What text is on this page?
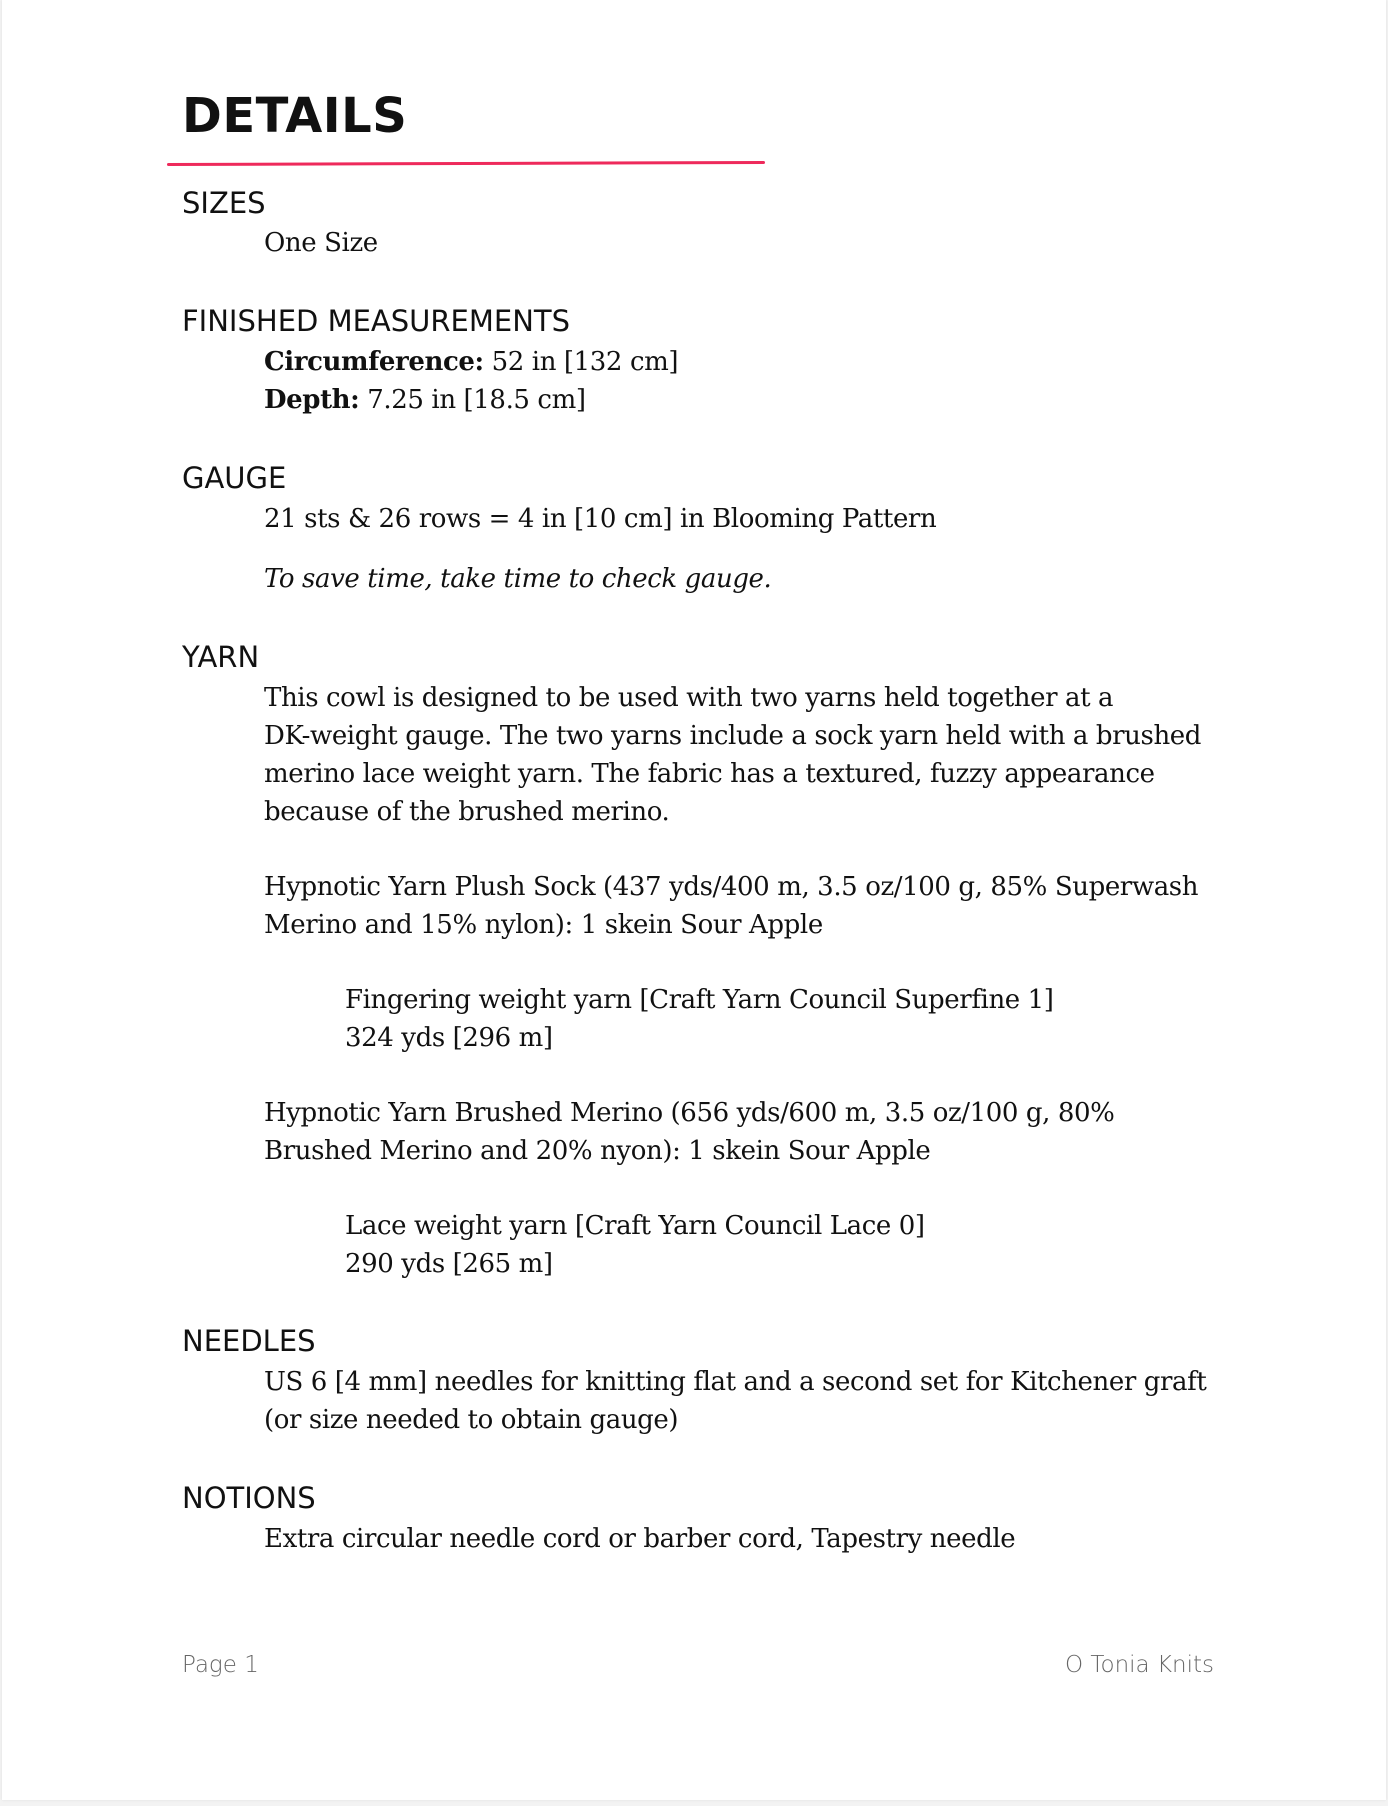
DETAILS
SIZES

One Size

FINISHED MEASUREMENTS

Circumference: 52 in [132 cm]

Depth: 7.25 in [18.5 cm]

GAUGE

21 sts & 26 rows = 4 in [10 cm] in Blooming Pattern

To save time, take time to check gauge.

YARN

This cowl is designed to be used with two yarns held together at a

DK-weight gauge. The two yarns include a sock yarn held with a brushed

merino lace weight yarn. The fabric has a textured, fuzzy appearance

because of the brushed merino.

Hypnotic Yarn Plush Sock (437 yds/400 m, 3.5 oz/100 g, 85% Superwash

Merino and 15% nylon): 1 skein Sour Apple

Fingering weight yarn [Craft Yarn Council Superfine 1]

324 yds [296 m]

Hypnotic Yarn Brushed Merino (656 yds/600 m, 3.5 oz/100 g, 80%

Brushed Merino and 20% nyon): 1 skein Sour Apple

Lace weight yarn [Craft Yarn Council Lace 0]

290 yds [265 m]

NEEDLES

US 6 [4 mm] needles for knitting flat and a second set for Kitchener graft

(or size needed to obtain gauge)

NOTIONS

Extra circular needle cord or barber cord, Tapestry needle

Page 1	O Tonia Knits
